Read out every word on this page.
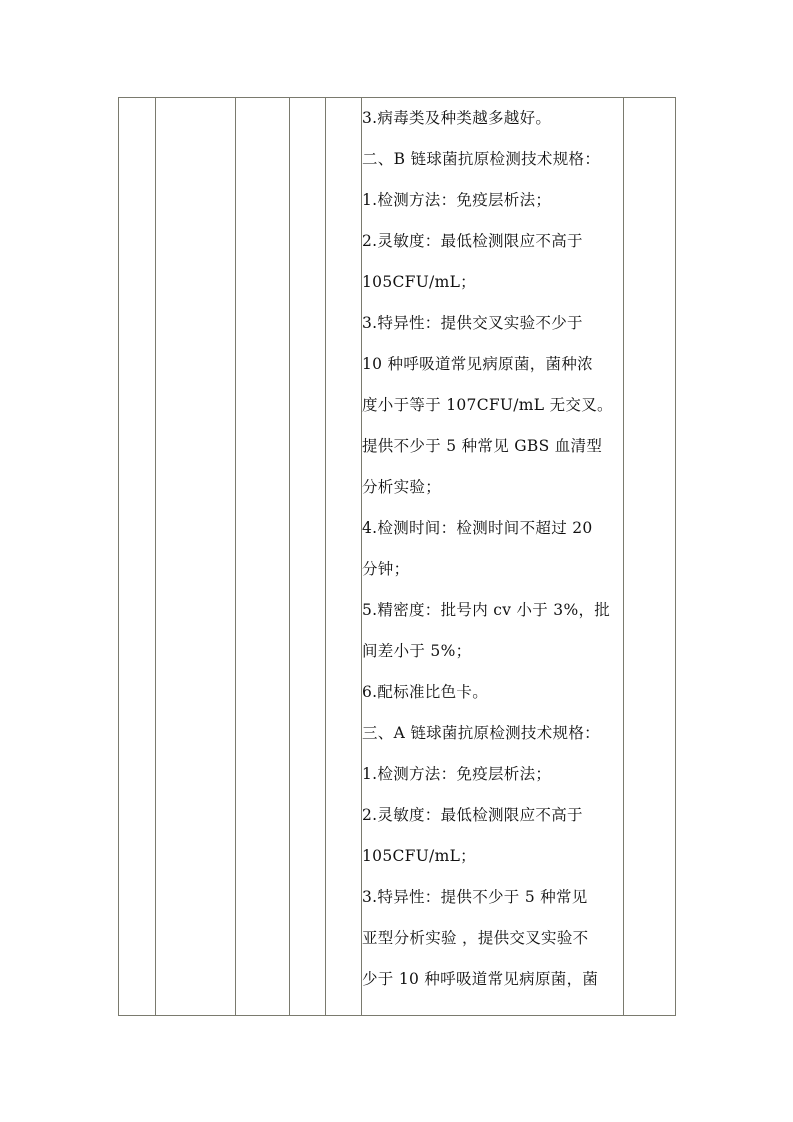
3.病毒类及种类越多越好。
二、B 链球菌抗原检测技术规格：
1.检测方法：免疫层析法；
2.灵敏度：最低检测限应不高于
105CFU/mL；
3.特异性：提供交叉实验不少于
10 种呼吸道常见病原菌，菌种浓
度小于等于 107CFU/mL 无交叉。
提供不少于 5 种常见 GBS 血清型
分析实验；
4.检测时间：检测时间不超过 20
分钟；
5.精密度：批号内 cv 小于 3%，批
间差小于 5%；
6.配标准比色卡。
三、A 链球菌抗原检测技术规格：
1.检测方法：免疫层析法；
2.灵敏度：最低检测限应不高于
105CFU/mL；
3.特异性：提供不少于 5 种常见
亚型分析实验 ，提供交叉实验不
少于 10 种呼吸道常见病原菌，菌
